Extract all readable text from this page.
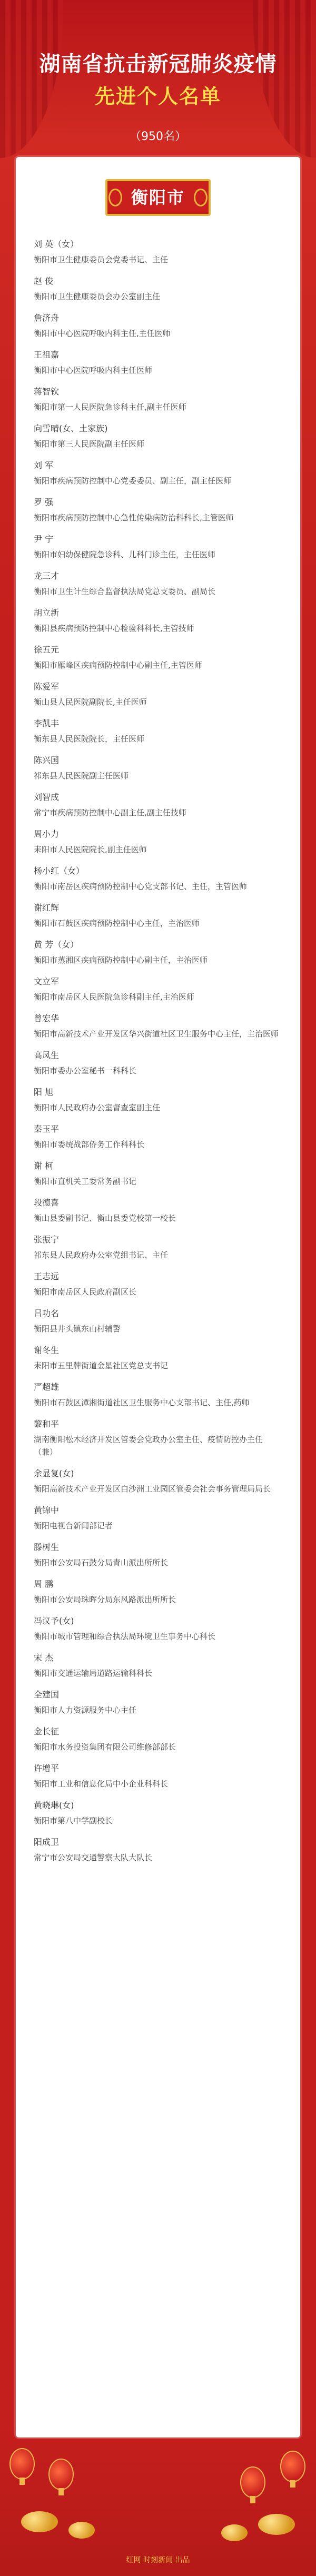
湖南省抗击新冠肺炎疫情
先进个人名单

（950名）

衡阳市
刘 英（女）
衡阳市卫生健康委员会党委书记、主任
赵 俊
衡阳市卫生健康委员会办公室副主任
詹济舟
衡阳市中心医院呼吸内科主任,主任医师
王祖嘉
衡阳市中心医院呼吸内科主任医师
蒋智钦
衡阳市第一人民医院急诊科主任,副主任医师
向雪晴(女、土家族)
衡阳市第三人民医院副主任医师
刘 军
衡阳市疾病预防控制中心党委委员、副主任，副主任医师
罗 强
衡阳市疾病预防控制中心急性传染病防治科科长,主管医师
尹 宁
衡阳市妇幼保健院急诊科、儿科门诊主任，主任医师
龙三才
衡阳市卫生计生综合监督执法局党总支委员、副局长
胡立新
衡阳县疾病预防控制中心检验科科长,主管技师
徐五元
衡阳市雁峰区疾病预防控制中心副主任,主管医师
陈爱军
衡山县人民医院副院长,主任医师
李凯丰
衡东县人民医院院长，主任医师
陈兴国
祁东县人民医院副主任医师
刘智成
常宁市疾病预防控制中心副主任,副主任技师
周小力
耒阳市人民医院院长,副主任医师
杨小红（女）
衡阳市南岳区疾病预防控制中心党支部书记、主任，主管医师
谢红辉
衡阳市石鼓区疾病预防控制中心主任，主治医师
黄 芳（女）
衡阳市蒸湘区疾病预防控制中心副主任，主治医师
文立军
衡阳市南岳区人民医院急诊科副主任,主治医师
曾宏华
衡阳市高新技术产业开发区华兴街道社区卫生服务中心主任，主治医师
高凤生
衡阳市委办公室秘书一科科长
阳 旭
衡阳市人民政府办公室督查室副主任
秦玉平
衡阳市委统战部侨务工作科科长
谢 柯
衡阳市直机关工委常务副书记
段德喜
衡山县委副书记、衡山县委党校第一校长
张振宁
祁东县人民政府办公室党组书记、主任
王志远
衡阳市南岳区人民政府副区长
吕功名
衡阳县井头镇东山村辅警
谢冬生
耒阳市五里牌街道金星社区党总支书记
严超雄
衡阳市石鼓区潭湘街道社区卫生服务中心支部书记、主任,药师
黎和平
湖南衡阳松木经济开发区管委会党政办公室主任、疫情防控办主任（兼）
余显复(女)
衡阳高新技术产业开发区白沙洲工业园区管委会社会事务管理局局长
黄锦中
衡阳电视台新闻部记者
滕树生
衡阳市公安局石鼓分局青山派出所所长
周 鹏
衡阳市公安局珠晖分局东风路派出所所长
冯议予(女)
衡阳市城市管理和综合执法局环境卫生事务中心科长
宋 杰
衡阳市交通运输局道路运输科科长
全建国
衡阳市人力资源服务中心主任
金长征
衡阳市水务投资集团有限公司维修部部长
许增平
衡阳市工业和信息化局中小企业科科长
黄晓琳(女)
衡阳市第八中学副校长
阳成卫
常宁市公安局交通警察大队大队长

红网 时刻新闻 出品
